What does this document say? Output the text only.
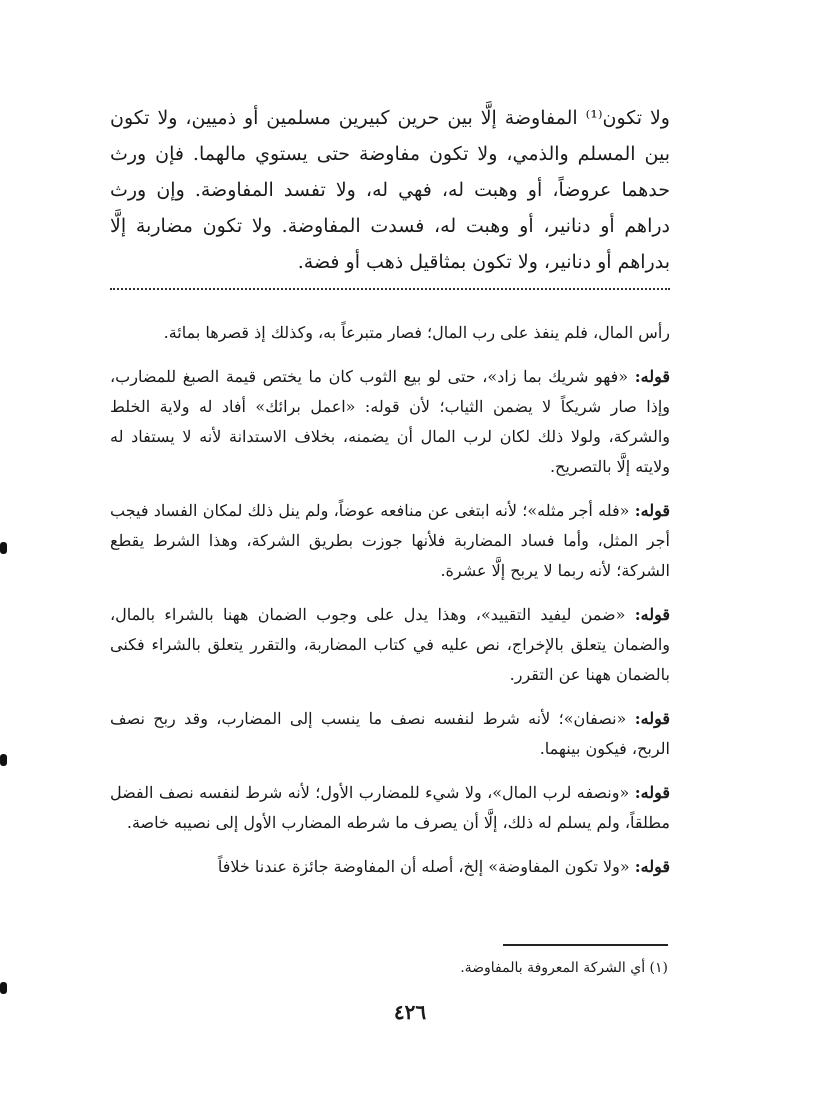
ولا تكون⁽¹⁾ المفاوضة إلَّا بين حرين كبيرين مسلمين أو ذميين، ولا تكون بين المسلم والذمي، ولا تكون مفاوضة حتى يستوي مالهما. فإن ورث حدهما عروضاً، أو وهبت له، فهي له، ولا تفسد المفاوضة. وإن ورث دراهم أو دنانير، أو وهبت له، فسدت المفاوضة. ولا تكون مضاربة إلَّا بدراهم أو دنانير، ولا تكون بمثاقيل ذهب أو فضة.

رأس المال، فلم ينفذ على رب المال؛ فصار متبرعاً به، وكذلك إذ قصرها بمائة.

قوله: «فهو شريك بما زاد»، حتى لو بيع الثوب كان ما يختص قيمة الصبغ للمضارب، وإذا صار شريكاً لا يضمن الثياب؛ لأن قوله: «اعمل برائك» أفاد له ولاية الخلط والشركة، ولولا ذلك لكان لرب المال أن يضمنه، بخلاف الاستدانة لأنه لا يستفاد له ولايته إلَّا بالتصريح.

قوله: «فله أجر مثله»؛ لأنه ابتغى عن منافعه عوضاً، ولم ينل ذلك لمكان الفساد فيجب أجر المثل، وأما فساد المضاربة فلأنها جوزت بطريق الشركة، وهذا الشرط يقطع الشركة؛ لأنه ربما لا يربح إلَّا عشرة.

قوله: «ضمن ليفيد التقييد»، وهذا يدل على وجوب الضمان ههنا بالشراء بالمال، والضمان يتعلق بالإخراج، نص عليه في كتاب المضاربة، والتقرر يتعلق بالشراء فكنى بالضمان ههنا عن التقرر.

قوله: «نصفان»؛ لأنه شرط لنفسه نصف ما ينسب إلى المضارب، وقد ربح نصف الربح، فيكون بينهما.

قوله: «ونصفه لرب المال»، ولا شيء للمضارب الأول؛ لأنه شرط لنفسه نصف الفضل مطلقاً، ولم يسلم له ذلك، إلَّا أن يصرف ما شرطه المضارب الأول إلى نصيبه خاصة.

قوله: «ولا تكون المفاوضة» إلخ، أصله أن المفاوضة جائزة عندنا خلافاً

(١) أي الشركة المعروفة بالمفاوضة.
٤٢٦
